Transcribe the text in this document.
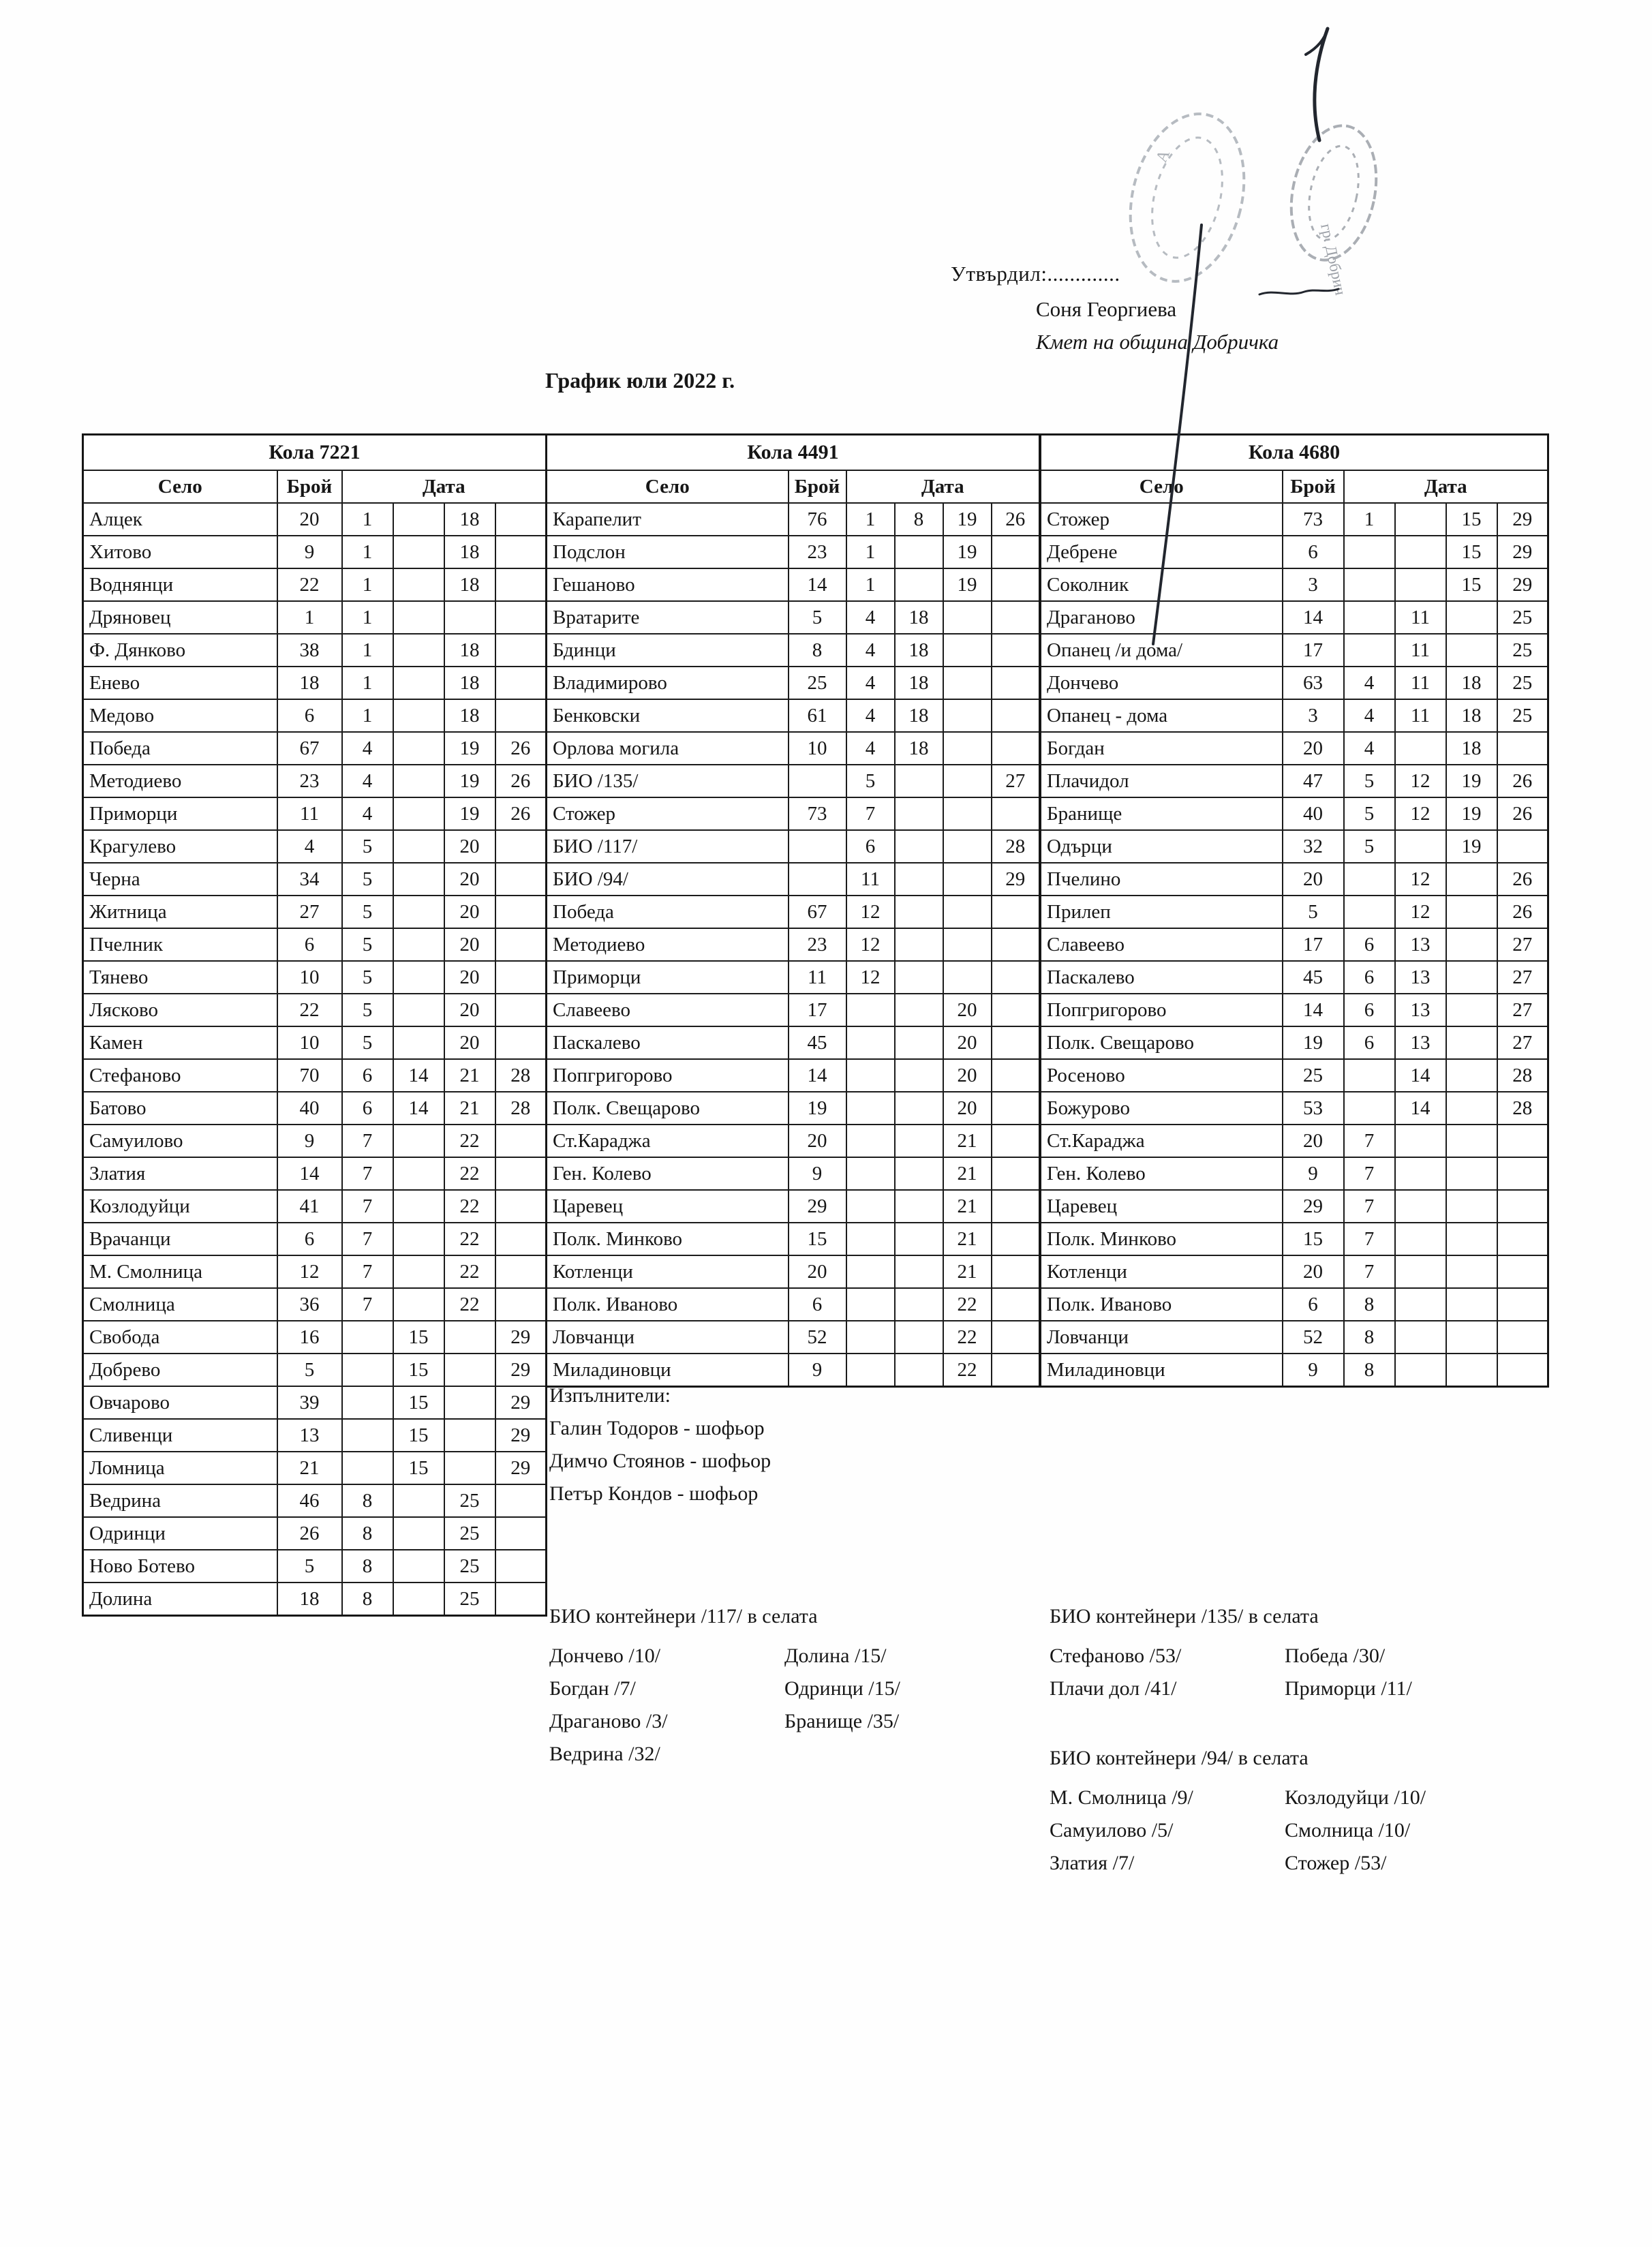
Утвърдил:.............
Соня Георгиева
Кмет на община Добричка
График юли 2022 г.
Кола 7221					
Село	Брой	Дата			
Алцек	20	1		18	
Хитово	9	1		18	
Воднянци	22	1		18	
Дряновец	1	1			
Ф. Дянково	38	1		18	
Енево	18	1		18	
Медово	6	1		18	
Победа	67	4		19	26
Методиево	23	4		19	26
Приморци	11	4		19	26
Крагулево	4	5		20	
Черна	34	5		20	
Житница	27	5		20	
Пчелник	6	5		20	
Тянево	10	5		20	
Лясково	22	5		20	
Камен	10	5		20	
Стефаново	70	6	14	21	28
Батово	40	6	14	21	28
Самуилово	9	7		22	
Златия	14	7		22	
Козлодуйци	41	7		22	
Врачанци	6	7		22	
М. Смолница	12	7		22	
Смолница	36	7		22	
Свобода	16		15		29
Добрево	5		15		29
Овчарово	39		15		29
Сливенци	13		15		29
Ломница	21		15		29
Ведрина	46	8		25	
Одринци	26	8		25	
Ново Ботево	5	8		25	
Долина	18	8		25	
Кола 4491					
Село	Брой	Дата			
Карапелит	76	1	8	19	26
Подслон	23	1		19	
Гешаново	14	1		19	
Вратарите	5	4	18		
Бдинци	8	4	18		
Владимирово	25	4	18		
Бенковски	61	4	18		
Орлова могила	10	4	18		
БИО /135/		5			27
Стожер	73	7			
БИО /117/		6			28
БИО /94/		11			29
Победа	67	12			
Методиево	23	12			
Приморци	11	12			
Славеево	17			20	
Паскалево	45			20	
Попгригорово	14			20	
Полк. Свещарово	19			20	
Ст.Караджа	20			21	
Ген. Колево	9			21	
Царевец	29			21	
Полк. Минково	15			21	
Котленци	20			21	
Полк. Иваново	6			22	
Ловчанци	52			22	
Миладиновци	9			22	
Кола 4680					
Село	Брой	Дата			
Стожер	73	1		15	29
Дебрене	6			15	29
Соколник	3			15	29
Драганово	14		11		25
Опанец /и дома/	17		11		25
Дончево	63	4	11	18	25
Опанец - дома	3	4	11	18	25
Богдан	20	4		18	
Плачидол	47	5	12	19	26
Бранище	40	5	12	19	26
Одърци	32	5		19	
Пчелино	20		12		26
Прилеп	5		12		26
Славеево	17	6	13		27
Паскалево	45	6	13		27
Попгригорово	14	6	13		27
Полк. Свещарово	19	6	13		27
Росеново	25		14		28
Божурово	53		14		28
Ст.Караджа	20	7			
Ген. Колево	9	7			
Царевец	29	7			
Полк. Минково	15	7			
Котленци	20	7			
Полк. Иваново	6	8			
Ловчанци	52	8			
Миладиновци	9	8			
Изпълнители:
Галин Тодоров - шофьор
Димчо Стоянов - шофьор
Петър Кондов - шофьор
БИО контейнери /117/ в селата
Дончево /10/	Долина /15/
Богдан /7/	Одринци /15/
Драганово /3/	Бранище /35/
Ведрина /32/
БИО контейнери /135/ в селата
Стефаново /53/	Победа /30/
Плачи дол /41/	Приморци /11/
БИО контейнери /94/ в селата
М. Смолница /9/	Козлодуйци /10/
Самуилово /5/	Смолница /10/
Златия /7/	Стожер /53/
А
гр. Добрич
